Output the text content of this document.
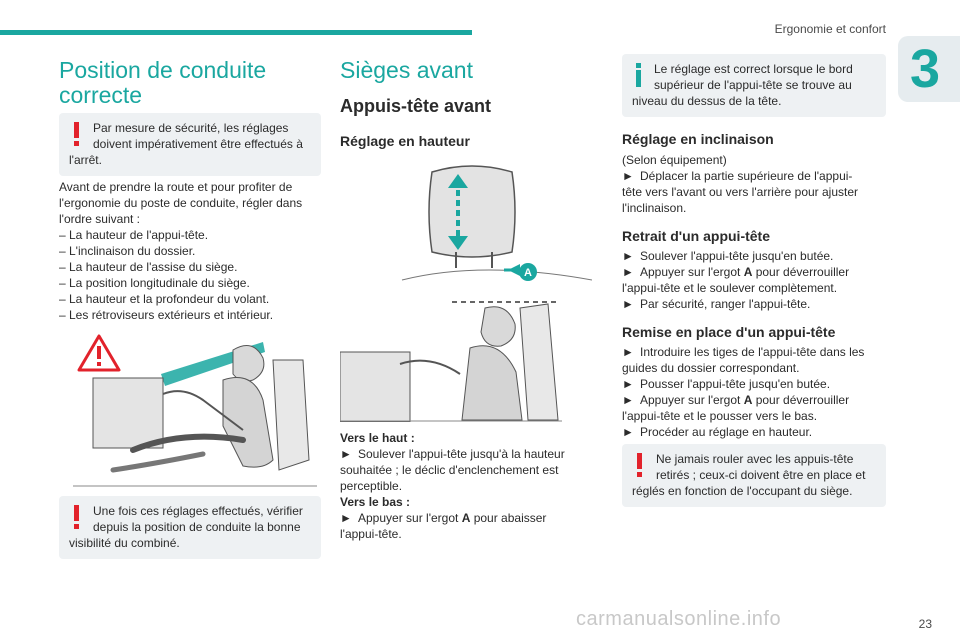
Ergonomie et confort
3
Position de conduite correcte

Par mesure de sécurité, les réglages doivent impérativement être effectués à l'arrêt.

Avant de prendre la route et pour profiter de l'ergonomie du poste de conduite, régler dans l'ordre suivant :

– La hauteur de l'appui-tête.
– L'inclinaison du dossier.
– La hauteur de l'assise du siège.
– La position longitudinale du siège.
– La hauteur et la profondeur du volant.
– Les rétroviseurs extérieurs et intérieur.

Une fois ces réglages effectués, vérifier depuis la position de conduite la bonne visibilité du combiné.

Sièges avant
Appuis-tête avant
Réglage en hauteur
A

Vers le haut :

► Soulever l'appui-tête jusqu'à la hauteur souhaitée ; le déclic d'enclenchement est perceptible.

Vers le bas :

► Appuyer sur l'ergot A pour abaisser l'appui-tête.

Le réglage est correct lorsque le bord supérieur de l'appui-tête se trouve au niveau du dessus de la tête.

Réglage en inclinaison

(Selon équipement)

► Déplacer la partie supérieure de l'appui-tête vers l'avant ou vers l'arrière pour ajuster l'inclinaison.

Retrait d'un appui-tête

► Soulever l'appui-tête jusqu'en butée.

► Appuyer sur l'ergot A pour déverrouiller l'appui-tête et le soulever complètement.

► Par sécurité, ranger l'appui-tête.

Remise en place d'un appui-tête

► Introduire les tiges de l'appui-tête dans les guides du dossier correspondant.

► Pousser l'appui-tête jusqu'en butée.

► Appuyer sur l'ergot A pour déverrouiller l'appui-tête et le pousser vers le bas.

► Procéder au réglage en hauteur.

Ne jamais rouler avec les appuis-tête retirés ; ceux-ci doivent être en place et réglés en fonction de l'occupant du siège.

carmanualsonline.info	23
